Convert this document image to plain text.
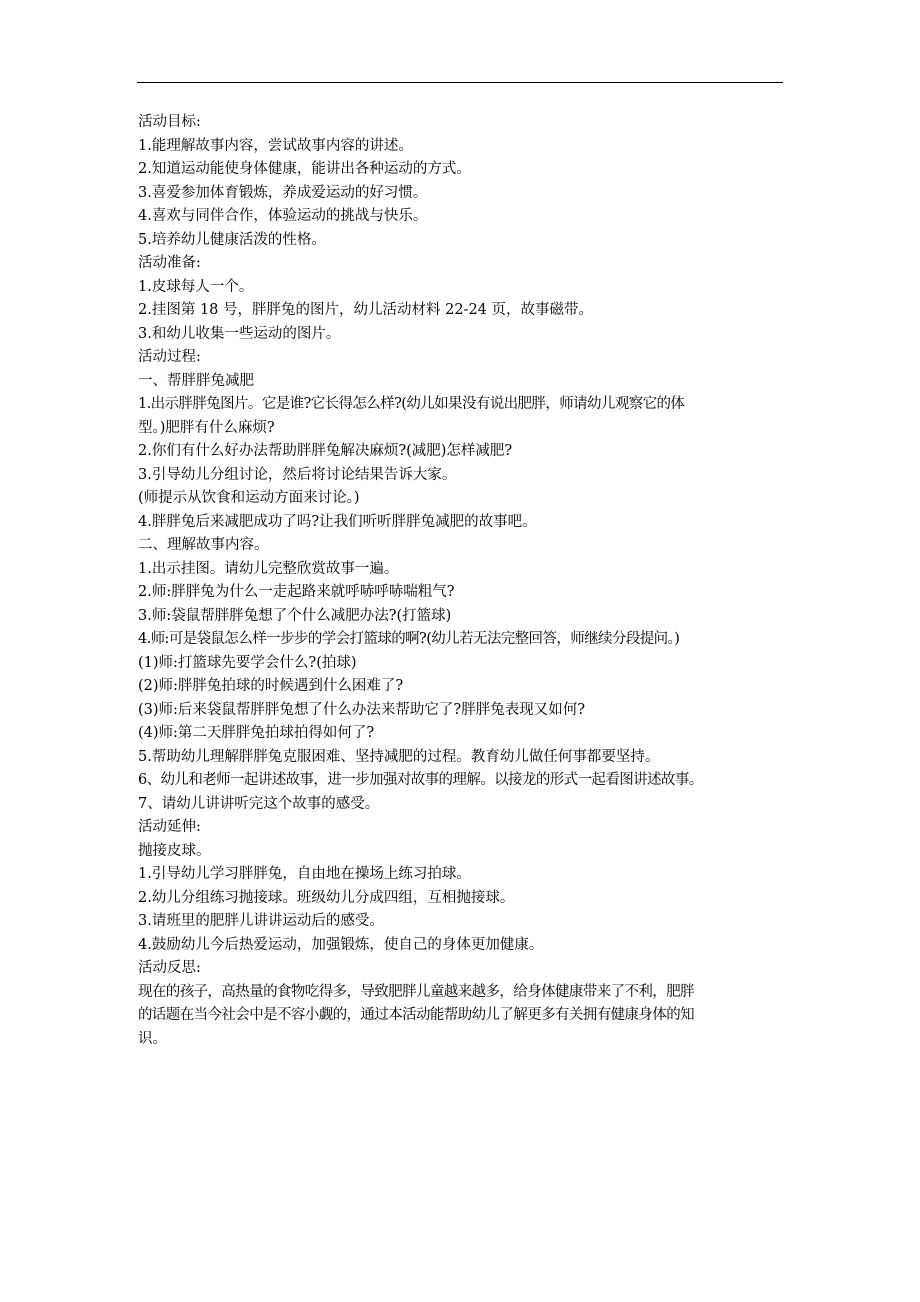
活动目标:
1.能理解故事内容，尝试故事内容的讲述。
2.知道运动能使身体健康，能讲出各种运动的方式。
3.喜爱参加体育锻炼，养成爱运动的好习惯。
4.喜欢与同伴合作，体验运动的挑战与快乐。
5.培养幼儿健康活泼的性格。
活动准备:
1.皮球每人一个。
2.挂图第 18 号，胖胖兔的图片，幼儿活动材料 22-24 页，故事磁带。
3.和幼儿收集一些运动的图片。
活动过程:
一、帮胖胖兔减肥
1.出示胖胖兔图片。它是谁?它长得怎么样?(幼儿如果没有说出肥胖，师请幼儿观察它的体
型。)肥胖有什么麻烦?
2.你们有什么好办法帮助胖胖兔解决麻烦?(减肥)怎样减肥?
3.引导幼儿分组讨论，然后将讨论结果告诉大家。
(师提示从饮食和运动方面来讨论。)
4.胖胖兔后来减肥成功了吗?让我们听听胖胖兔减肥的故事吧。
二、理解故事内容。
1.出示挂图。请幼儿完整欣赏故事一遍。
2.师:胖胖兔为什么一走起路来就呼哧呼哧喘粗气?
3.师:袋鼠帮胖胖兔想了个什么减肥办法?(打篮球)
4.师:可是袋鼠怎么样一步步的学会打篮球的啊?(幼儿若无法完整回答，师继续分段提问。)
(1)师:打篮球先要学会什么?(拍球)
(2)师:胖胖兔拍球的时候遇到什么困难了?
(3)师:后来袋鼠帮胖胖兔想了什么办法来帮助它了?胖胖兔表现又如何?
(4)师:第二天胖胖兔拍球拍得如何了?
5.帮助幼儿理解胖胖兔克服困难、坚持减肥的过程。教育幼儿做任何事都要坚持。
6、幼儿和老师一起讲述故事，进一步加强对故事的理解。以接龙的形式一起看图讲述故事。
7、请幼儿讲讲听完这个故事的感受。
活动延伸:
抛接皮球。
1.引导幼儿学习胖胖兔，自由地在操场上练习拍球。
2.幼儿分组练习抛接球。班级幼儿分成四组，互相抛接球。
3.请班里的肥胖儿讲讲运动后的感受。
4.鼓励幼儿今后热爱运动，加强锻炼，使自己的身体更加健康。
活动反思:
现在的孩子，高热量的食物吃得多，导致肥胖儿童越来越多，给身体健康带来了不利，肥胖
的话题在当今社会中是不容小觑的，通过本活动能帮助幼儿了解更多有关拥有健康身体的知
识。
